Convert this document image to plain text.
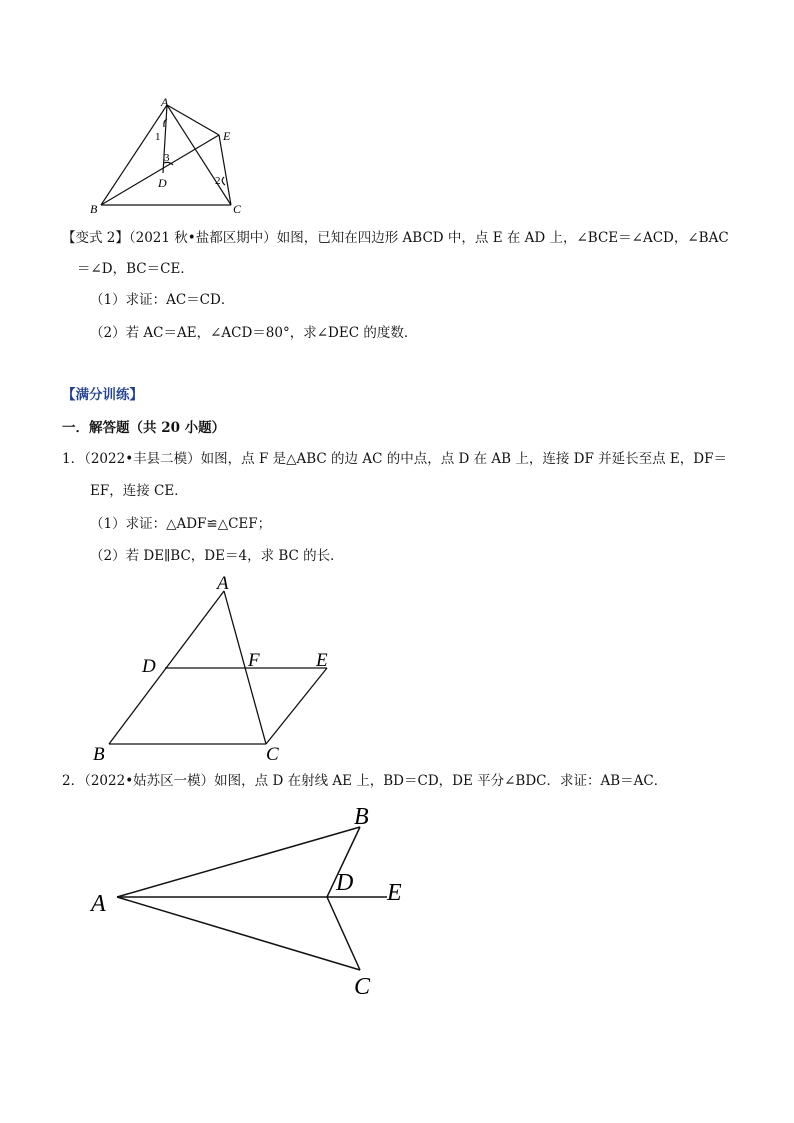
A
B	C
D
E
1
2
3
【变式 2】（2021 秋•盐都区期中）如图，已知在四边形 ABCD 中，点 E 在 AD 上，∠BCE＝∠ACD，∠BAC
＝∠D，BC＝CE．
（1）求证：AC＝CD．
（2）若 AC＝AE，∠ACD＝80°，求∠DEC 的度数．
【满分训练】
一．解答题（共 20 小题）
1．（2022•丰县二模）如图，点 F 是△ABC 的边 AC 的中点，点 D 在 AB 上，连接 DF 并延长至点 E，DF＝
EF，连接 CE．
（1）求证：△ADF≌△CEF；
（2）若 DE∥BC，DE＝4，求 BC 的长．
A
B	C
D	E
F
2．（2022•姑苏区一模）如图，点 D 在射线 AE 上，BD＝CD，DE 平分∠BDC．求证：AB＝AC．
A
B
C
D E
